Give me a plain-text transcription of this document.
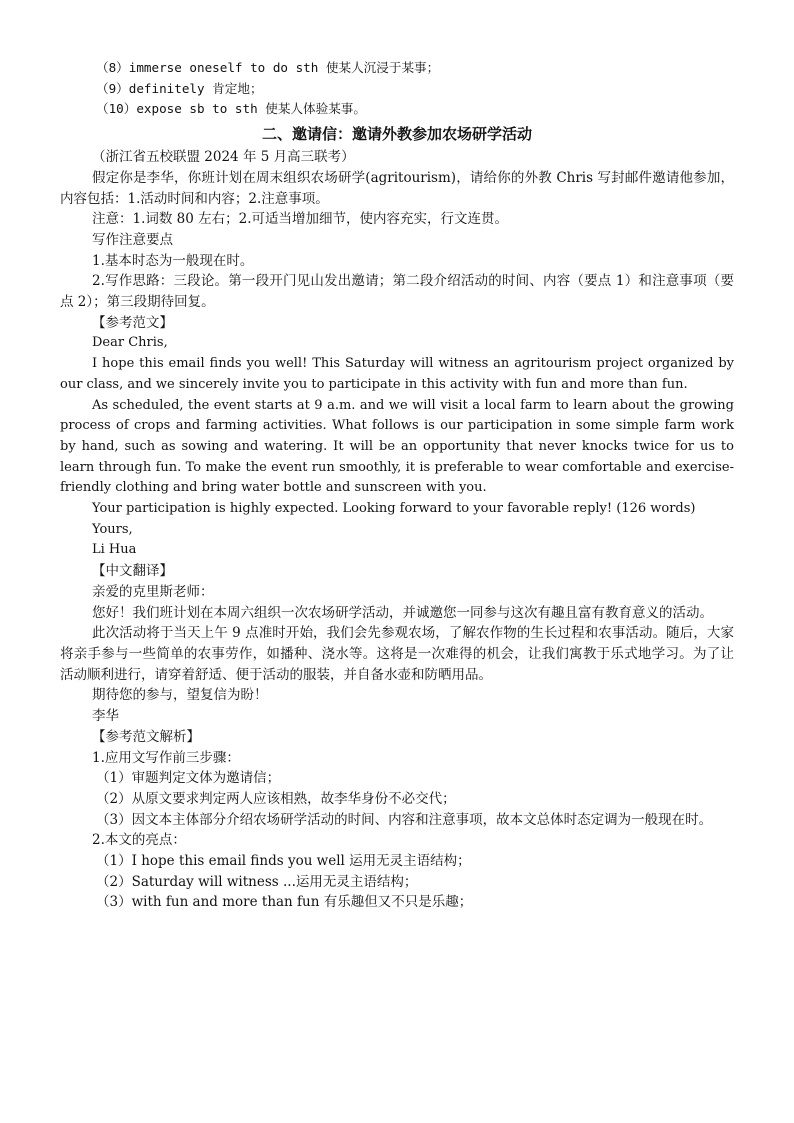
（8）immerse oneself to do sth 使某人沉浸于某事；

（9）definitely 肯定地；

（10）expose sb to sth 使某人体验某事。

二、邀请信：邀请外教参加农场研学活动

（浙江省五校联盟 2024 年 5 月高三联考）

假定你是李华，你班计划在周末组织农场研学(agritourism)，请给你的外教 Chris 写封邮件邀请他参加，内容包括：1.活动时间和内容；2.注意事项。

注意：1.词数 80 左右；2.可适当增加细节，使内容充实，行文连贯。

写作注意要点

1.基本时态为一般现在时。

2.写作思路：三段论。第一段开门见山发出邀请；第二段介绍活动的时间、内容（要点 1）和注意事项（要点 2）；第三段期待回复。

【参考范文】

Dear Chris,

I hope this email finds you well! This Saturday will witness an agritourism project organized by our class, and we sincerely invite you to participate in this activity with fun and more than fun.

As scheduled, the event starts at 9 a.m. and we will visit a local farm to learn about the growing process of crops and farming activities. What follows is our participation in some simple farm work by hand, such as sowing and watering. It will be an opportunity that never knocks twice for us to learn through fun. To make the event run smoothly, it is preferable to wear comfortable and exercise-friendly clothing and bring water bottle and sunscreen with you.

Your participation is highly expected. Looking forward to your favorable reply! (126 words)

Yours,

Li Hua

【中文翻译】

亲爱的克里斯老师：

您好！我们班计划在本周六组织一次农场研学活动，并诚邀您一同参与这次有趣且富有教育意义的活动。

此次活动将于当天上午 9 点准时开始，我们会先参观农场，了解农作物的生长过程和农事活动。随后，大家将亲手参与一些简单的农事劳作，如播种、浇水等。这将是一次难得的机会，让我们寓教于乐式地学习。为了让活动顺利进行，请穿着舒适、便于活动的服装，并自备水壶和防晒用品。

期待您的参与，望复信为盼！

李华

【参考范文解析】

1.应用文写作前三步骤：

（1）审题判定文体为邀请信；

（2）从原文要求判定两人应该相熟，故李华身份不必交代；

（3）因文本主体部分介绍农场研学活动的时间、内容和注意事项，故本文总体时态定调为一般现在时。

2.本文的亮点：

（1）I hope this email finds you well 运用无灵主语结构；

（2）Saturday will witness ...运用无灵主语结构；

（3）with fun and more than fun 有乐趣但又不只是乐趣；
